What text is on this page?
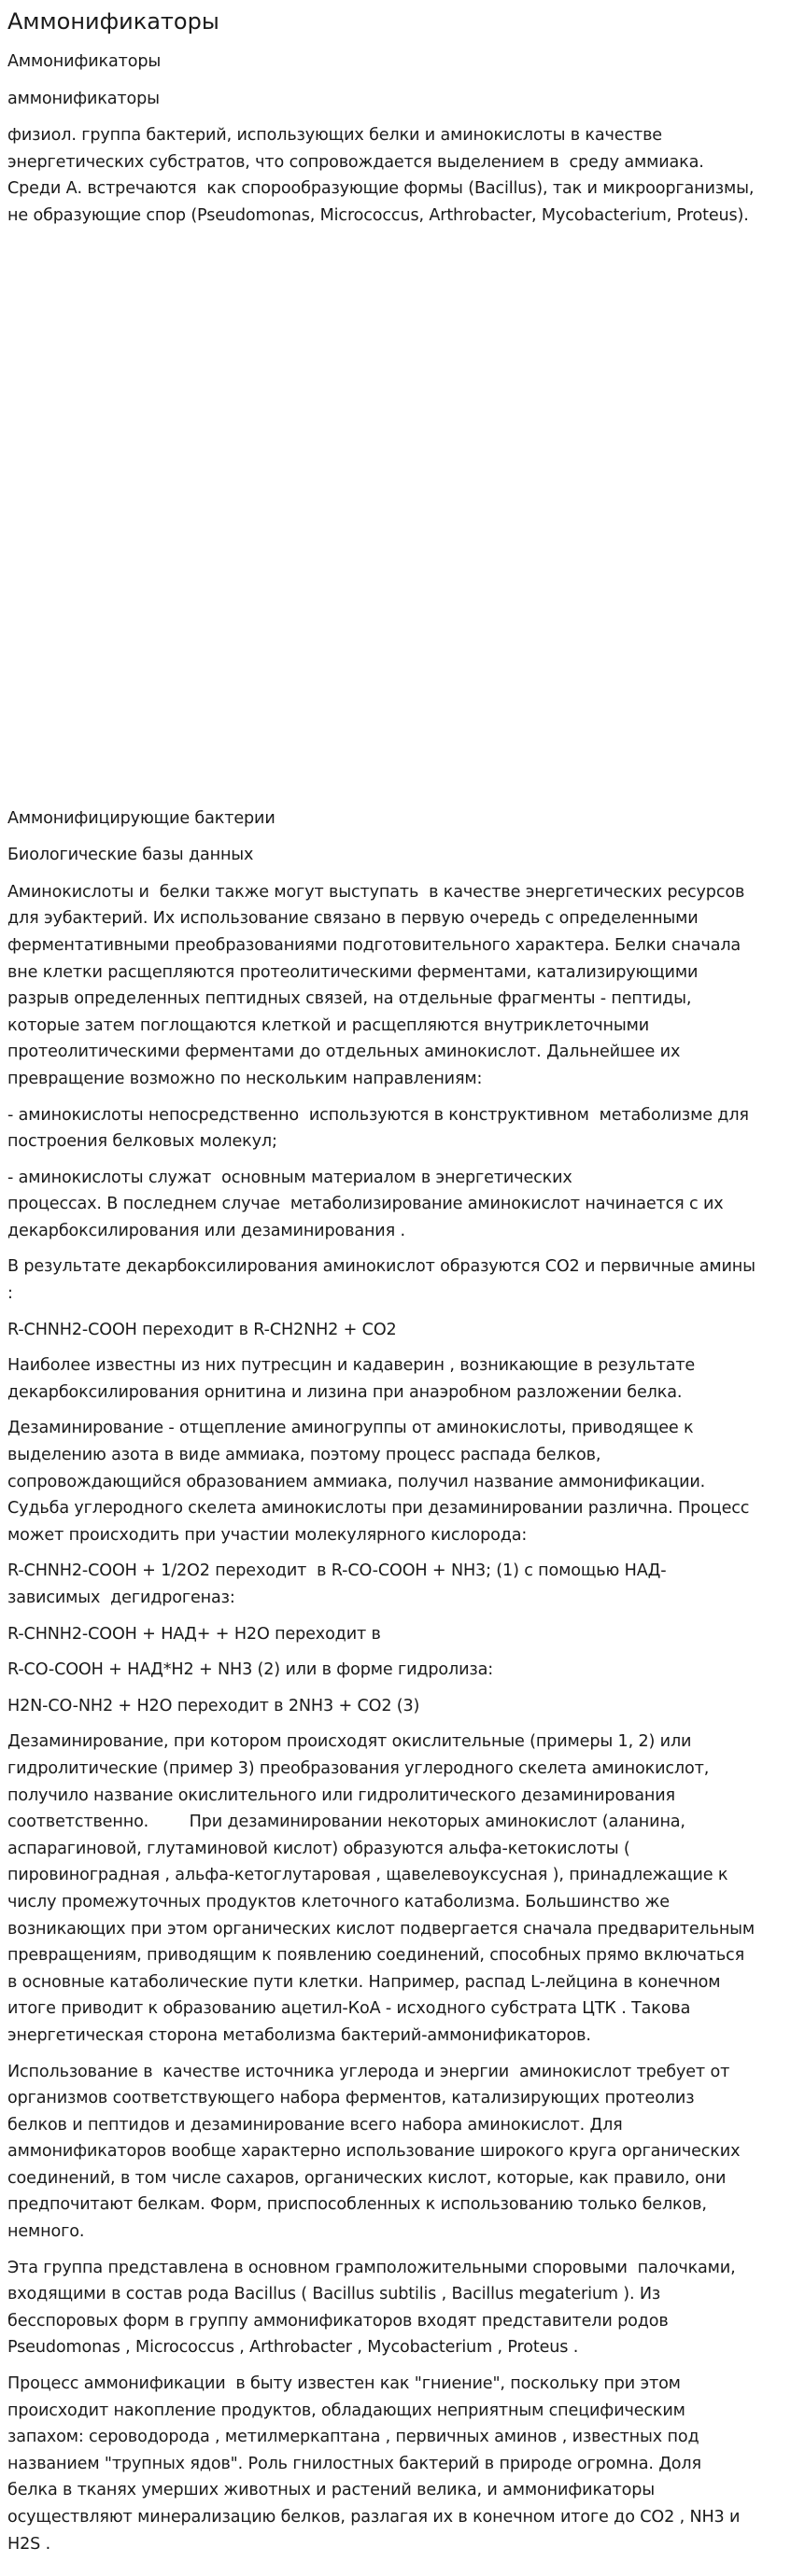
Аммонификаторы

Аммонификаторы

аммонификаторы

физиол. группа бактерий, использующих белки и аминокислоты в качестве
энергетических субстратов, что сопровождается выделением в  среду аммиака.
Среди А. встречаются  как спорообразующие формы (Bacillus), так и микроорганизмы,
не образующие спор (Pseudomonas, Micrococcus, Arthrobacter, Mycobacterium, Proteus).

Аммонифицирующие бактерии

Биологические базы данных

Аминокислоты и  белки также могут выступать  в качестве энергетических ресурсов
для эубактерий. Их использование связано в первую очередь с определенными
ферментативными преобразованиями подготовительного характера. Белки сначала
вне клетки расщепляются протеолитическими ферментами, катализирующими
разрыв определенных пептидных связей, на отдельные фрагменты - пептиды,
которые затем поглощаются клеткой и расщепляются внутриклеточными
протеолитическими ферментами до отдельных аминокислот. Дальнейшее их
превращение возможно по нескольким направлениям:

- аминокислоты непосредственно  используются в конструктивном  метаболизме для
построения белковых молекул;

- аминокислоты служат  основным материалом в энергетических
процессах. В последнем случае  метаболизирование аминокислот начинается с их
декарбоксилирования или дезаминирования .

В результате декарбоксилирования аминокислот образуются CO2 и первичные амины
:

R-CHNH2-COOH переходит в R-CH2NH2 + CO2

Наиболее известны из них путресцин и кадаверин , возникающие в результате
декарбоксилирования орнитина и лизина при анаэробном разложении белка.

Дезаминирование - отщепление аминогруппы от аминокислоты, приводящее к
выделению азота в виде аммиака, поэтому процесс распада белков,
сопровождающийся образованием аммиака, получил название аммонификации.
Судьба углеродного скелета аминокислоты при дезаминировании различна. Процесс
может происходить при участии молекулярного кислорода:

R-CHNH2-COOH + 1/2O2 переходит  в R-CO-COOH + NH3; (1) с помощью НАД-
зависимых  дегидрогеназ:

R-CHNH2-COOH + НАД+ + H2O переходит в

R-CO-COOH + НАД*H2 + NH3 (2) или в форме гидролиза:

H2N-CO-NH2 + H2O переходит в 2NH3 + CO2 (3)

Дезаминирование, при котором происходят окислительные (примеры 1, 2) или
гидролитические (пример 3) преобразования углеродного скелета аминокислот,
получило название окислительного или гидролитического дезаминирования
соответственно.        При дезаминировании некоторых аминокислот (аланина,
аспарагиновой, глутаминовой кислот) образуются альфа-кетокислоты (
пировиноградная , альфа-кетоглутаровая , щавелевоуксусная ), принадлежащие к
числу промежуточных продуктов клеточного катаболизма. Большинство же
возникающих при этом органических кислот подвергается сначала предварительным
превращениям, приводящим к появлению соединений, способных прямо включаться
в основные катаболические пути клетки. Например, распад L-лейцина в конечном
итоге приводит к образованию ацетил-КоА - исходного субстрата ЦТК . Такова
энергетическая сторона метаболизма бактерий-аммонификаторов.

Использование в  качестве источника углерода и энергии  аминокислот требует от
организмов соответствующего набора ферментов, катализирующих протеолиз
белков и пептидов и дезаминирование всего набора аминокислот. Для
аммонификаторов вообще характерно использование широкого круга органических
соединений, в том числе сахаров, органических кислот, которые, как правило, они
предпочитают белкам. Форм, приспособленных к использованию только белков,
немного.

Эта группа представлена в основном грамположительными споровыми  палочками,
входящими в состав рода Bacillus ( Bacillus subtilis , Bacillus megaterium ). Из
бесспоровых форм в группу аммонификаторов входят представители родов
Pseudomonas , Micrococcus , Arthrobacter , Mycobacterium , Proteus .

Процесс аммонификации  в быту известен как "гниение", поскольку при этом
происходит накопление продуктов, обладающих неприятным специфическим
запахом: сероводорода , метилмеркаптана , первичных аминов , известных под
названием "трупных ядов". Роль гнилостных бактерий в природе огромна. Доля
белка в тканях умерших животных и растений велика, и аммонификаторы
осуществляют минерализацию белков, разлагая их в конечном итоге до CO2 , NH3 и
H2S .
